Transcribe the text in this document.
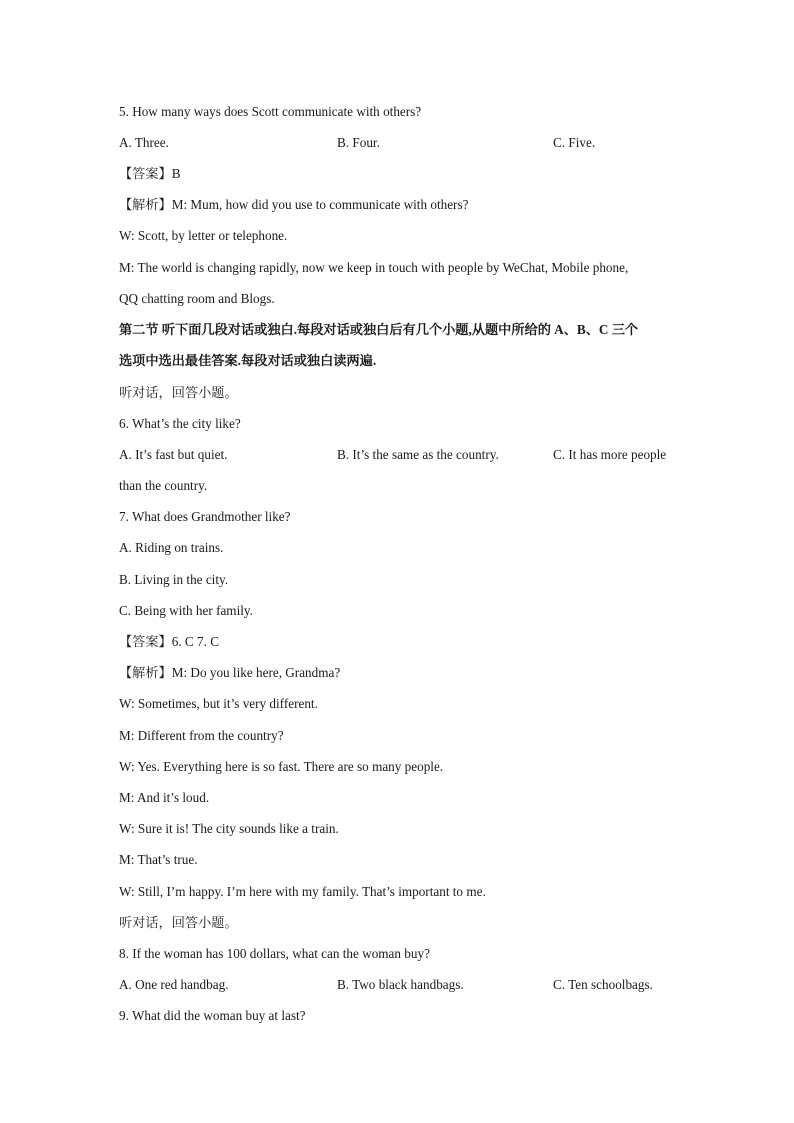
5. How many ways does Scott communicate with others?
A. Three.	B. Four.	C. Five.
【答案】B
【解析】M: Mum, how did you use to communicate with others?
W: Scott, by letter or telephone.
M: The world is changing rapidly, now we keep in touch with people by WeChat, Mobile phone,
QQ chatting room and Blogs.
第二节 听下面几段对话或独白.每段对话或独白后有几个小题,从题中所给的 A、B、C 三个
选项中选出最佳答案.每段对话或独白读两遍.
听对话，回答小题。
6. What’s the city like?
A. It’s fast but quiet.	B. It’s the same as the country.	C. It has more people
than the country.
7. What does Grandmother like?
A. Riding on trains.
B. Living in the city.
C. Being with her family.
【答案】6. C 7. C
【解析】M: Do you like here, Grandma?
W: Sometimes, but it’s very different.
M: Different from the country?
W: Yes. Everything here is so fast. There are so many people.
M: And it’s loud.
W: Sure it is! The city sounds like a train.
M: That’s true.
W: Still, I’m happy. I’m here with my family. That’s important to me.
听对话，回答小题。
8. If the woman has 100 dollars, what can the woman buy?
A. One red handbag.	B. Two black handbags.	C. Ten schoolbags.
9. What did the woman buy at last?
